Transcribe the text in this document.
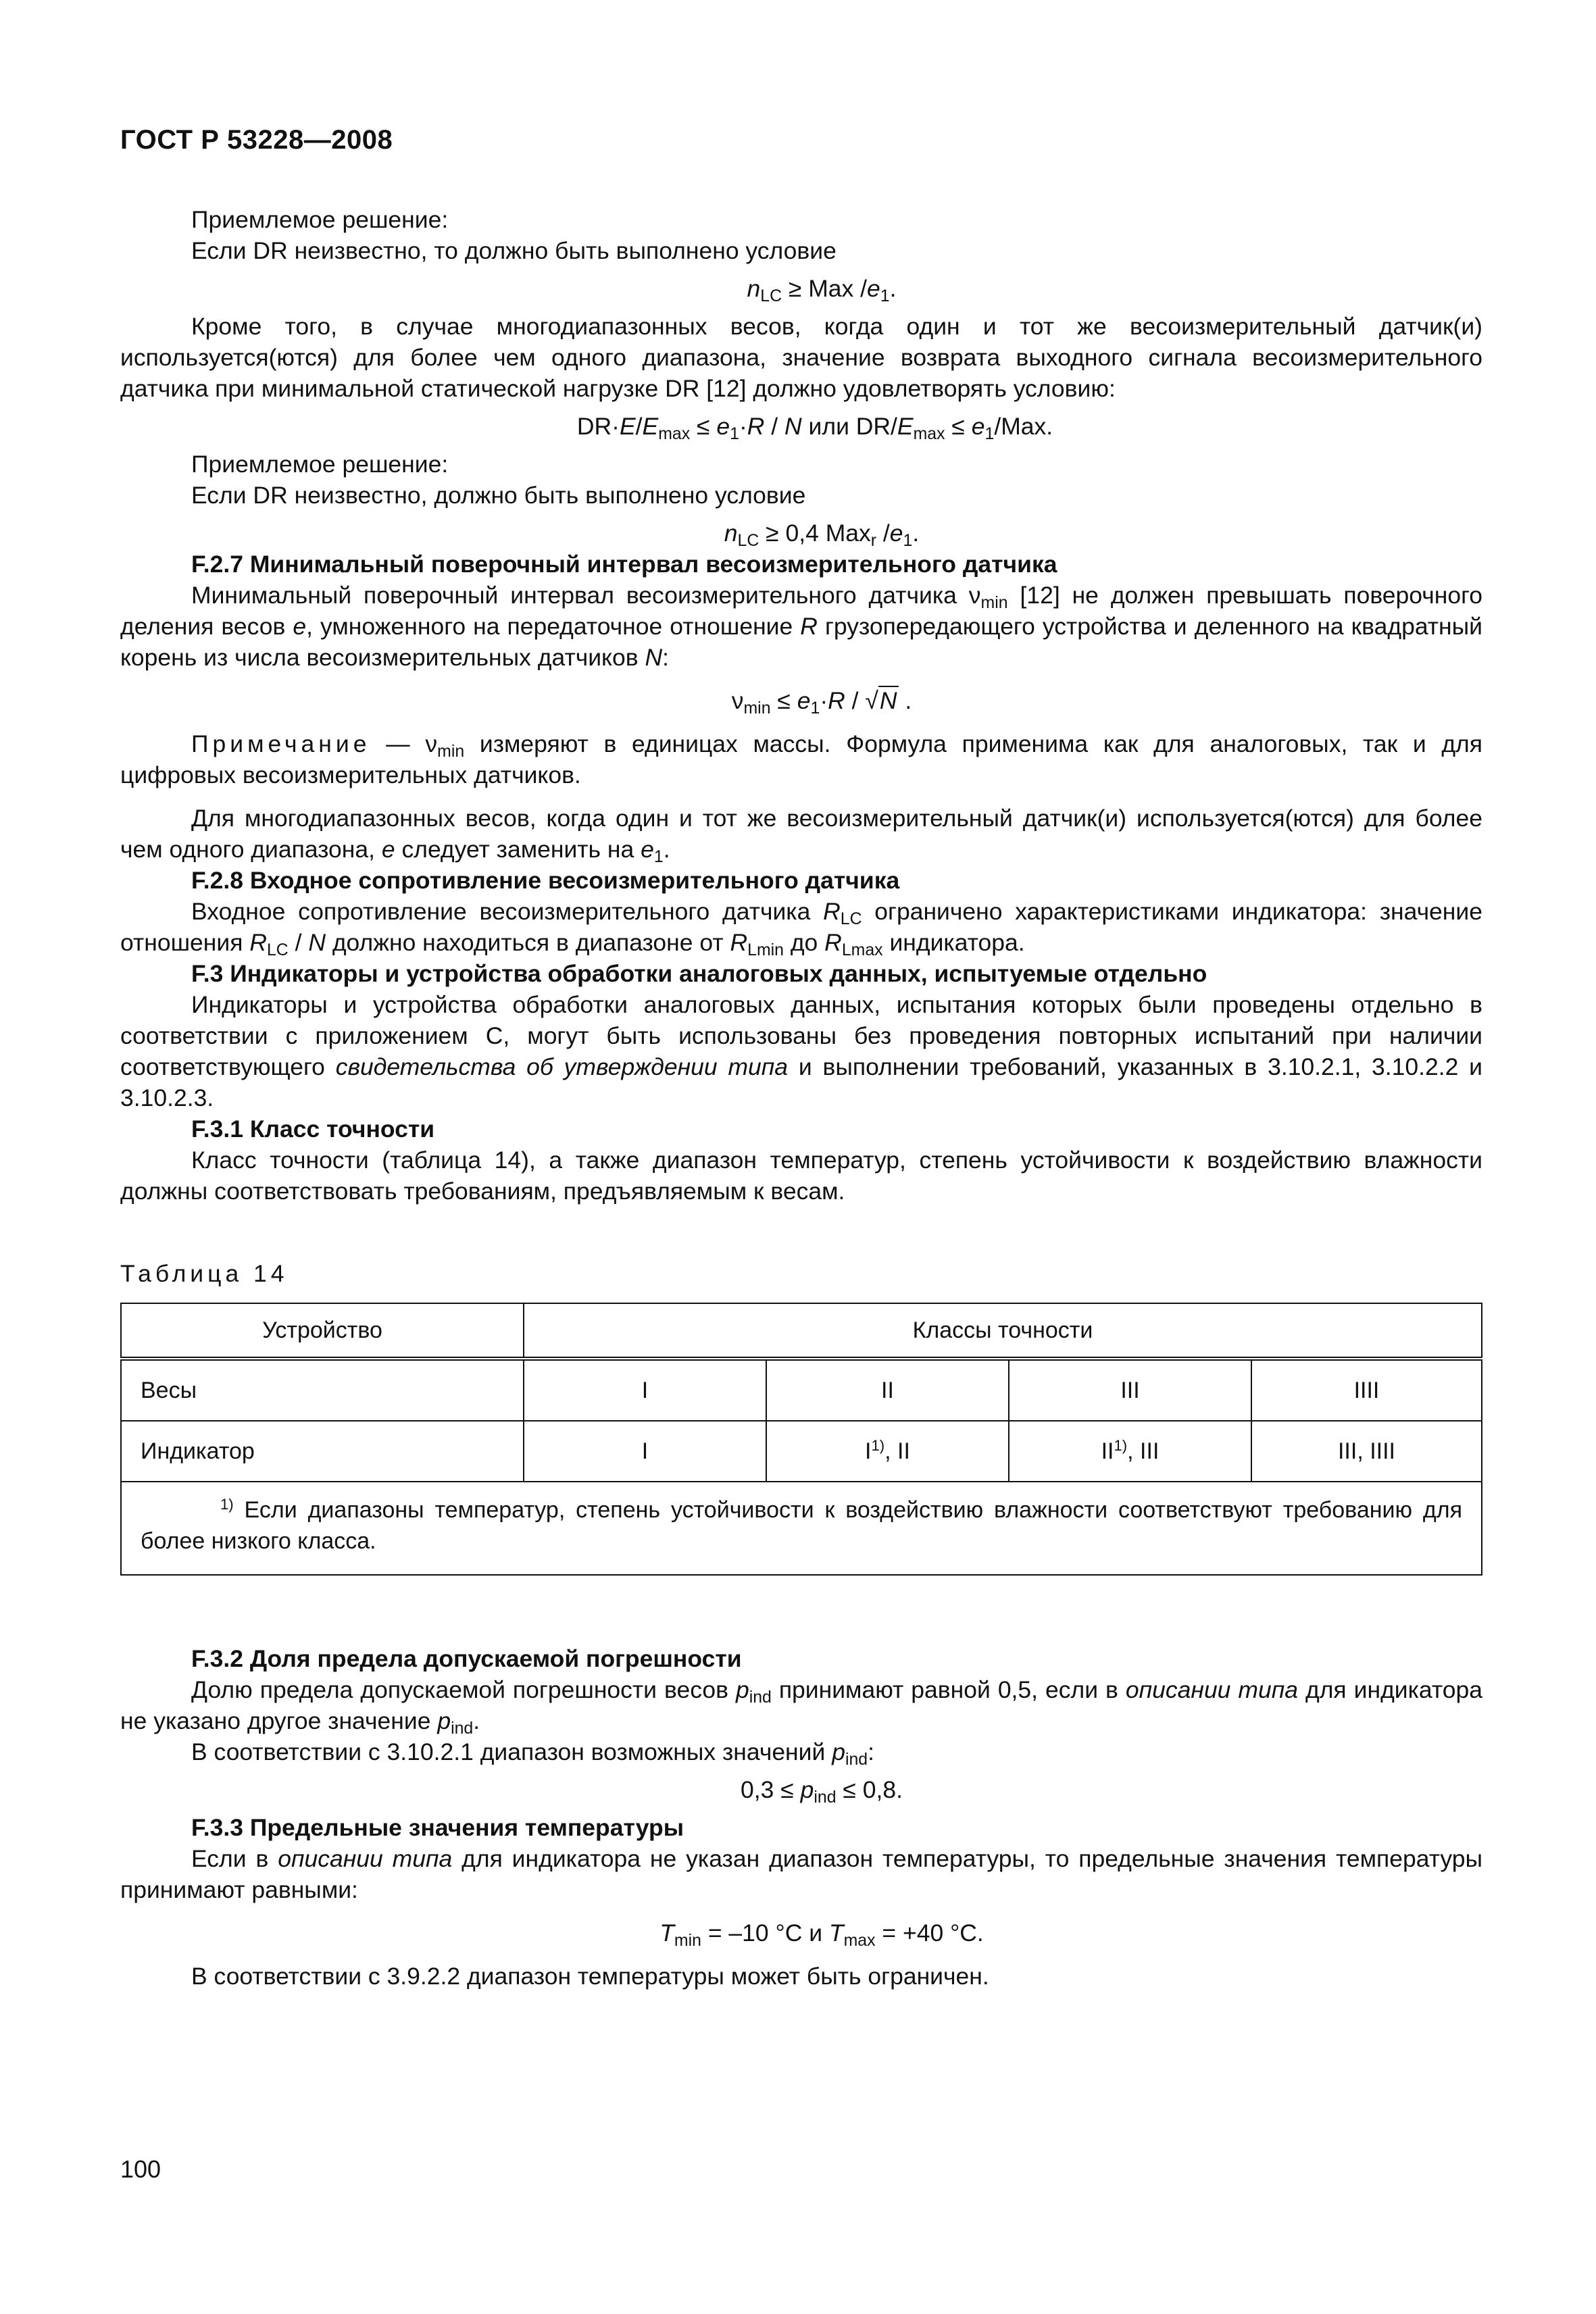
ГОСТ Р 53228—2008

Приемлемое решение:

Если DR неизвестно, то должно быть выполнено условие

$n_{LC}$ ≥ Max $/e_1$.

Кроме того, в случае многодиапазонных весов, когда один и тот же весоизмерительный датчик(и) используется(ются) для более чем одного диапазона, значение возврата выходного сигнала весоизмерительного датчика при минимальной статической нагрузке DR [12] должно удовлетворять условию:

$DR\cdot E/E_{max} \le e_1\cdot R / N$ или $DR/E_{max} \le e_1/Max$.

Приемлемое решение:

Если DR неизвестно, должно быть выполнено условие

$n_{LC} \ge 0,4$ Max$_r$ $/e_1$.

F.2.7 Минимальный поверочный интервал весоизмерительного датчика

Минимальный поверочный интервал весоизмерительного датчика $\nu_{min}$ [12] не должен превышать поверочного деления весов e, умноженного на передаточное отношение R грузопередающего устройства и деленного на квадратный корень из числа весоизмерительных датчиков N:

$\nu_{min} \le e_1\cdot R / √N$ .

Примечание — $\nu_{min}$ измеряют в единицах массы. Формула применима как для аналоговых, так и для цифровых весоизмерительных датчиков.

Для многодиапазонных весов, когда один и тот же весоизмерительный датчик(и) используется(ются) для более чем одного диапазона, e следует заменить на $e_1$.

F.2.8 Входное сопротивление весоизмерительного датчика

Входное сопротивление весоизмерительного датчика $R_{LC}$ ограничено характеристиками индикатора: значение отношения $R_{LC}$ / N должно находиться в диапазоне от $R_{Lmin}$ до $R_{Lmax}$ индикатора.

F.3 Индикаторы и устройства обработки аналоговых данных, испытуемые отдельно

Индикаторы и устройства обработки аналоговых данных, испытания которых были проведены отдельно в соответствии с приложением С, могут быть использованы без проведения повторных испытаний при наличии соответствующего свидетельства об утверждении типа и выполнении требований, указанных в 3.10.2.1, 3.10.2.2 и 3.10.2.3.

F.3.1 Класс точности

Класс точности (таблица 14), а также диапазон температур, степень устойчивости к воздействию влажности должны соответствовать требованиям, предъявляемым к весам.

Таблица 14

Устройство	Классы точности			
Весы	I	II	III	IIII
Индикатор	I	$I^{1)}$, II	II$^{1)}$, III	III, IIII
$^{1)}$ Если диапазоны температур, степень устойчивости к воздействию влажности соответствуют требованию для более низкого класса.				

F.3.2 Доля предела допускаемой погрешности

Долю предела допускаемой погрешности весов $p_{ind}$ принимают равной 0,5, если в описании типа для индикатора не указано другое значение $p_{ind}$.

В соответствии с 3.10.2.1 диапазон возможных значений $p_{ind}$:

$0,3 \le p_{ind} \le 0,8$.

F.3.3 Предельные значения температуры

Если в описании типа для индикатора не указан диапазон температуры, то предельные значения температуры принимают равными:

$T_{min} = -10$ °C и $T_{max} = +40$ °C.

В соответствии с 3.9.2.2 диапазон температуры может быть ограничен.

100
